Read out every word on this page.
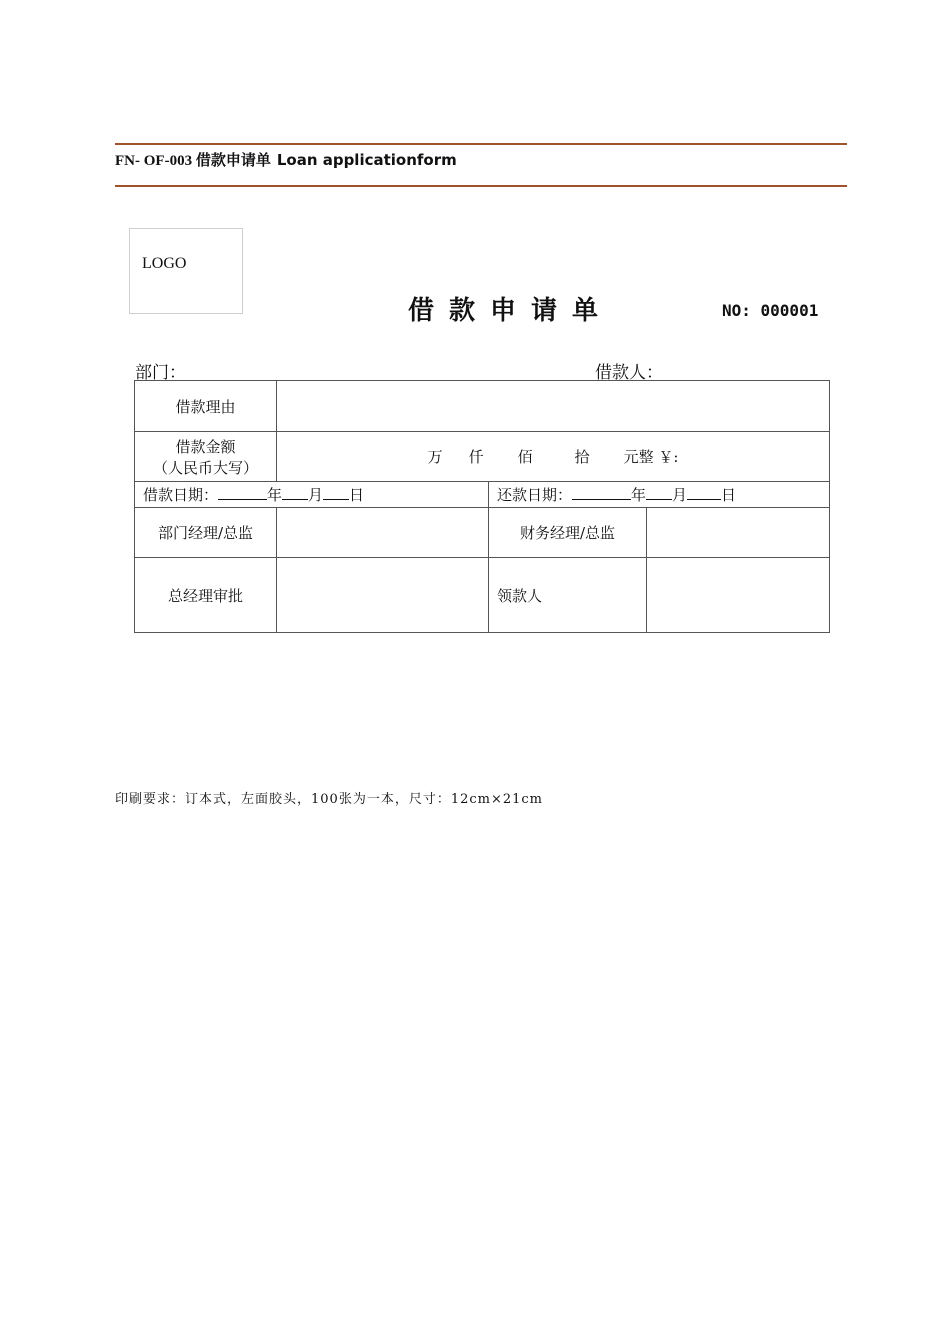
FN- OF-003 借款申请单 Loan applicationform
LOGO
借款申请单	NO: 000001
部门：	借款人：
借款理由			

借款金额
（人民币大写）	万 仟 佰 拾 元整 ￥:		
借款日期： 年 月 日		还款日期： 年 月 日	
部门经理/总监		财务经理/总监	
总经理审批		领款人	
印刷要求：订本式，左面胶头，100张为一本，尺寸：12cm×21cm
